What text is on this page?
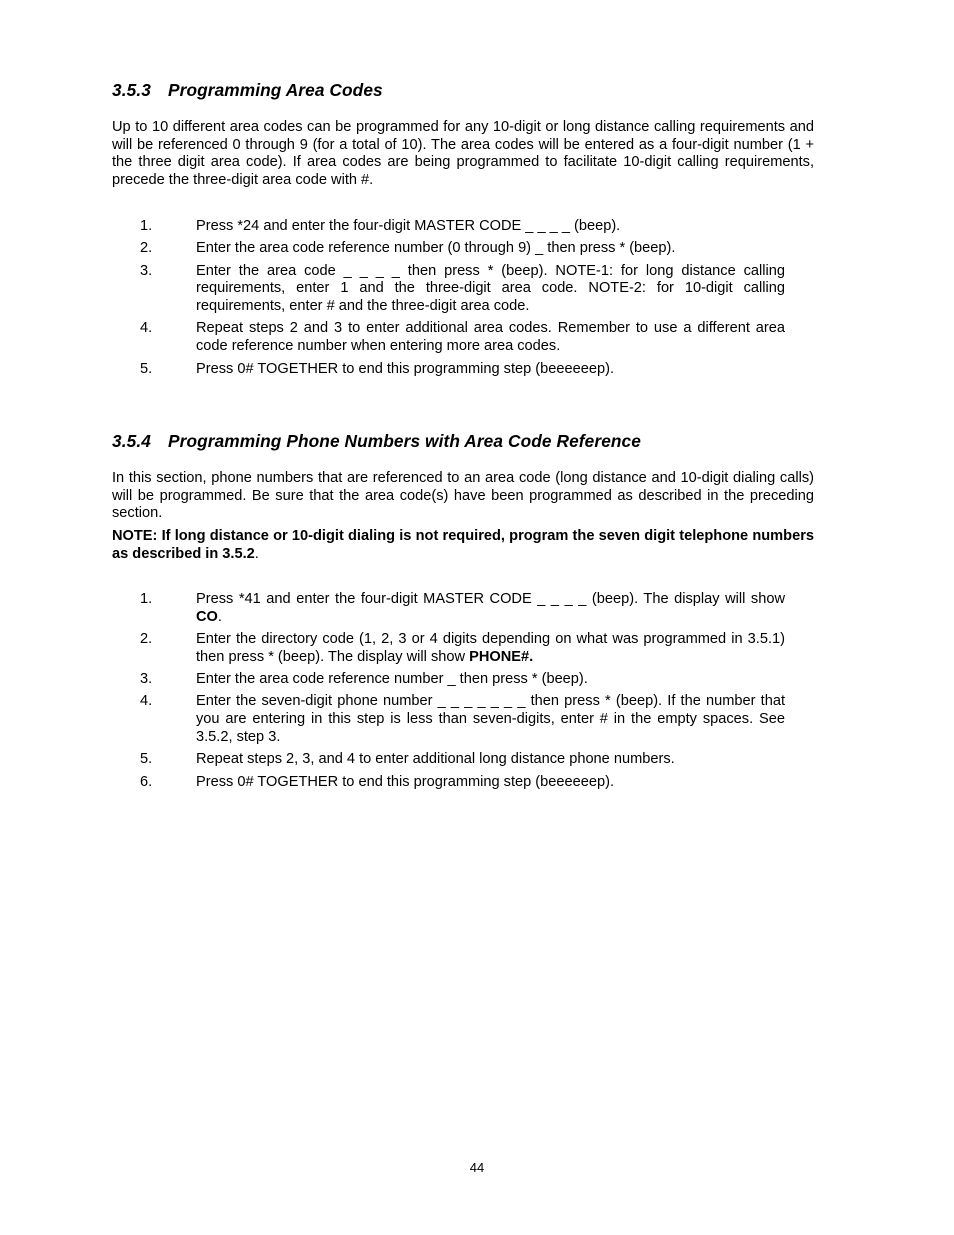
3.5.3 Programming Area Codes

Up to 10 different area codes can be programmed for any 10-digit or long distance calling requirements and will be referenced 0 through 9 (for a total of 10). The area codes will be entered as a four-digit number (1 + the three digit area code). If area codes are being programmed to facilitate 10-digit calling requirements, precede the three-digit area code with #.

1.	Press *24 and enter the four-digit MASTER CODE _ _ _ _ (beep).
2.	Enter the area code reference number (0 through 9) _ then press * (beep).
3.	Enter the area code _ _ _ _ then press * (beep). NOTE-1: for long distance calling requirements, enter 1 and the three-digit area code. NOTE-2: for 10-digit calling requirements, enter # and the three-digit area code.
4.	Repeat steps 2 and 3 to enter additional area codes. Remember to use a different area code reference number when entering more area codes.
5.	Press 0# TOGETHER to end this programming step (beeeeeep).
3.5.4 Programming Phone Numbers with Area Code Reference

In this section, phone numbers that are referenced to an area code (long distance and 10-digit dialing calls) will be programmed. Be sure that the area code(s) have been programmed as described in the preceding section.

NOTE: If long distance or 10-digit dialing is not required, program the seven digit telephone numbers as described in 3.5.2.

1.	Press *41 and enter the four-digit MASTER CODE _ _ _ _ (beep). The display will show CO.
2.	Enter the directory code (1, 2, 3 or 4 digits depending on what was programmed in 3.5.1) then press * (beep). The display will show PHONE#.
3.	Enter the area code reference number _ then press * (beep).
4.	Enter the seven-digit phone number _ _ _ _ _ _ _ then press * (beep). If the number that you are entering in this step is less than seven-digits, enter # in the empty spaces. See 3.5.2, step 3.
5.	Repeat steps 2, 3, and 4 to enter additional long distance phone numbers.
6.	Press 0# TOGETHER to end this programming step (beeeeeep).
44
